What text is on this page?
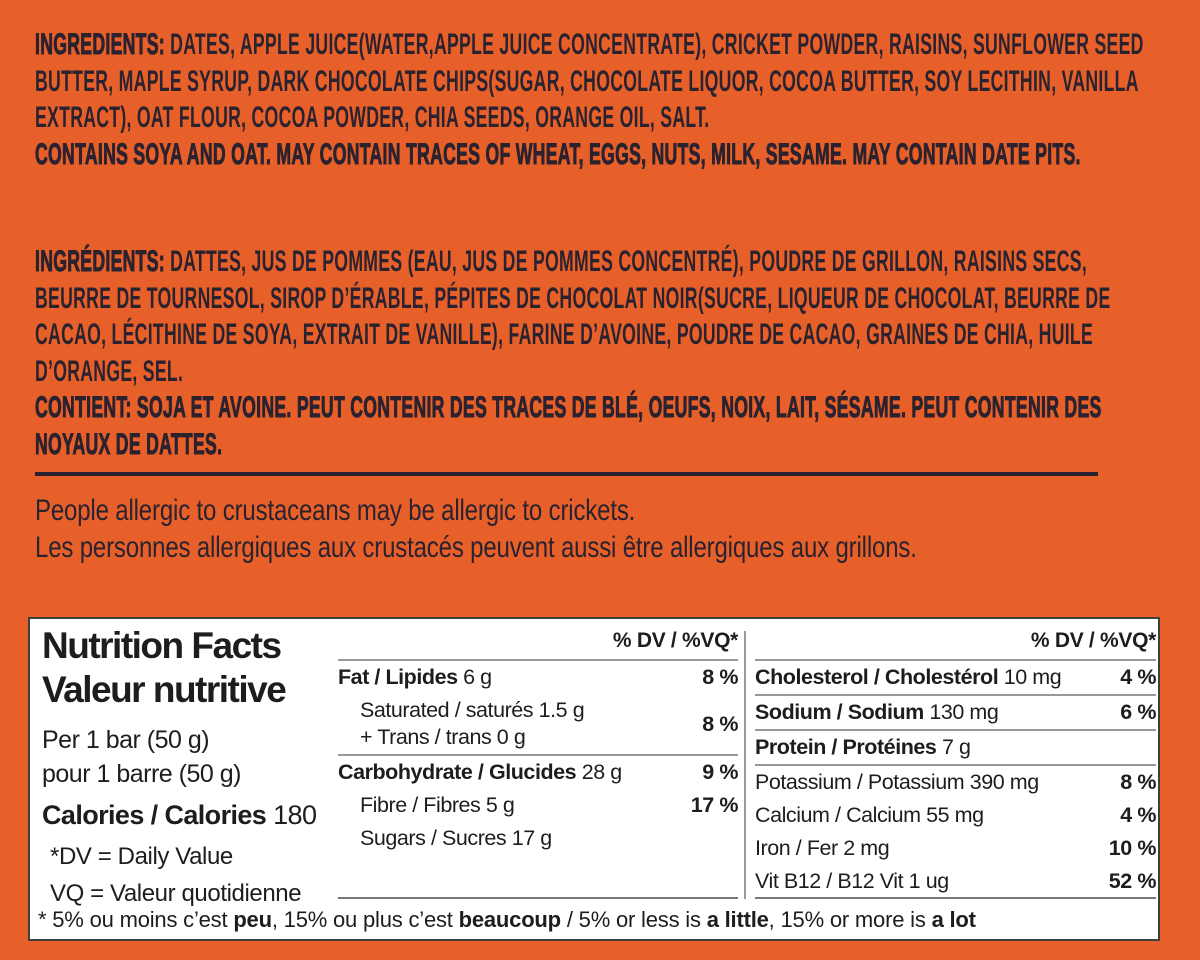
INGREDIENTS: DATES, APPLE JUICE(WATER,APPLE JUICE CONCENTRATE), CRICKET POWDER, RAISINS, SUNFLOWER SEED BUTTER, MAPLE SYRUP, DARK CHOCOLATE CHIPS(SUGAR, CHOCOLATE LIQUOR, COCOA BUTTER, SOY LECITHIN, VANILLA EXTRACT), OAT FLOUR, COCOA POWDER, CHIA SEEDS, ORANGE OIL, SALT.
CONTAINS SOYA AND OAT. MAY CONTAIN TRACES OF WHEAT, EGGS, NUTS, MILK, SESAME. MAY CONTAIN DATE PITS.

INGRÉDIENTS: DATTES, JUS DE POMMES (EAU, JUS DE POMMES CONCENTRÉ), POUDRE DE GRILLON, RAISINS SECS, BEURRE DE TOURNESOL, SIROP D’ÉRABLE, PÉPITES DE CHOCOLAT NOIR(SUCRE, LIQUEUR DE CHOCOLAT, BEURRE DE CACAO, LÉCITHINE DE SOYA, EXTRAIT DE VANILLE), FARINE D’AVOINE, POUDRE DE CACAO, GRAINES DE CHIA, HUILE D’ORANGE, SEL.
CONTIENT: SOJA ET AVOINE. PEUT CONTENIR DES TRACES DE BLÉ, OEUFS, NOIX, LAIT, SÉSAME. PEUT CONTENIR DES NOYAUX DE DATTES.

People allergic to crustaceans may be allergic to crickets.

Les personnes allergiques aux crustacés peuvent aussi être allergiques aux grillons.

Nutrition Facts
Valeur nutritive
Per 1 bar (50 g)
pour 1 barre (50 g)
Calories / Calories 180
*DV = Daily Value
VQ = Valeur quotidienne
% DV / %VQ*
Fat / Lipides 6 g	8 %
Saturated / saturés 1.5 g
+ Trans / trans 0 g
8 %
Carbohydrate / Glucides 28 g	9 %
Fibre / Fibres 5 g	17 %
Sugars / Sucres 17 g
% DV / %VQ*
Cholesterol / Cholestérol 10 mg	4 %
Sodium / Sodium 130 mg	6 %
Protein / Protéines 7 g
Potassium / Potassium 390 mg	8 %
Calcium / Calcium 55 mg	4 %
Iron / Fer 2 mg	10 %
Vit B12 / B12 Vit 1 ug	52 %
* 5% ou moins c’est peu, 15% ou plus c’est beaucoup / 5% or less is a little, 15% or more is a lot
